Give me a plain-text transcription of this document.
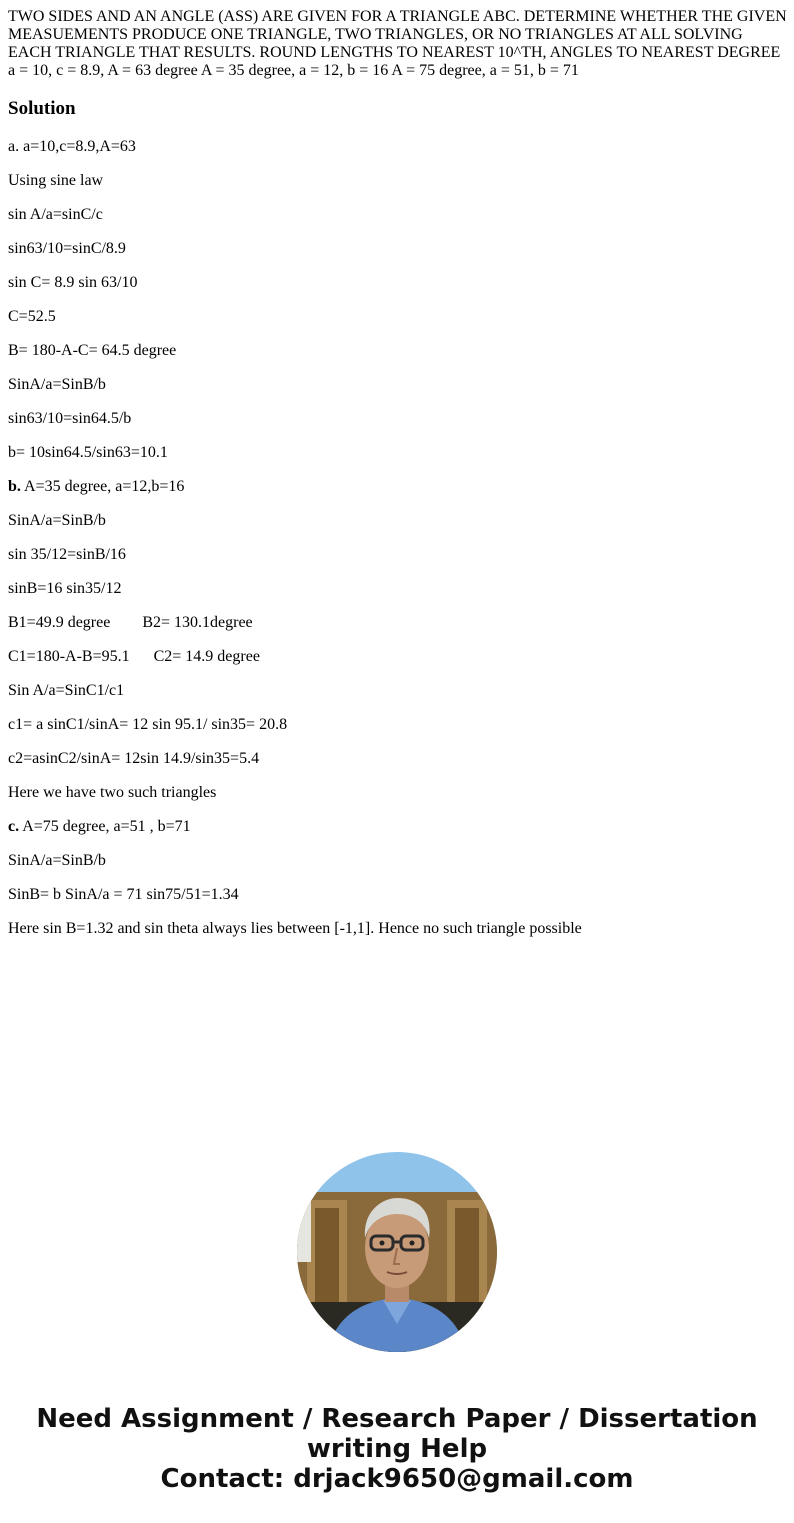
TWO SIDES AND AN ANGLE (ASS) ARE GIVEN FOR A TRIANGLE ABC. DETERMINE WHETHER THE GIVEN MEASUEMENTS PRODUCE ONE TRIANGLE, TWO TRIANGLES, OR NO TRIANGLES AT ALL SOLVING EACH TRIANGLE THAT RESULTS. ROUND LENGTHS TO NEAREST 10^TH, ANGLES TO NEAREST DEGREE a = 10, c = 8.9, A = 63 degree A = 35 degree, a = 12, b = 16 A = 75 degree, a = 51, b = 71
Solution

a. a=10,c=8.9,A=63

Using sine law

sin A/a=sinC/c

sin63/10=sinC/8.9

sin C= 8.9 sin 63/10

C=52.5

B= 180-A-C= 64.5 degree

SinA/a=SinB/b

sin63/10=sin64.5/b

b= 10sin64.5/sin63=10.1

b. A=35 degree, a=12,b=16

SinA/a=SinB/b

sin 35/12=sinB/16

sinB=16 sin35/12

B1=49.9 degree        B2= 130.1degree

C1=180-A-B=95.1      C2= 14.9 degree

Sin A/a=SinC1/c1

c1= a sinC1/sinA= 12 sin 95.1/ sin35= 20.8

c2=asinC2/sinA= 12sin 14.9/sin35=5.4

Here we have two such triangles

c. A=75 degree, a=51 , b=71

SinA/a=SinB/b

SinB= b SinA/a = 71 sin75/51=1.34

Here sin B=1.32 and sin theta always lies between [-1,1]. Hence no such triangle possible

Need Assignment / Research Paper / Dissertation
writing Help
Contact: drjack9650@gmail.com
